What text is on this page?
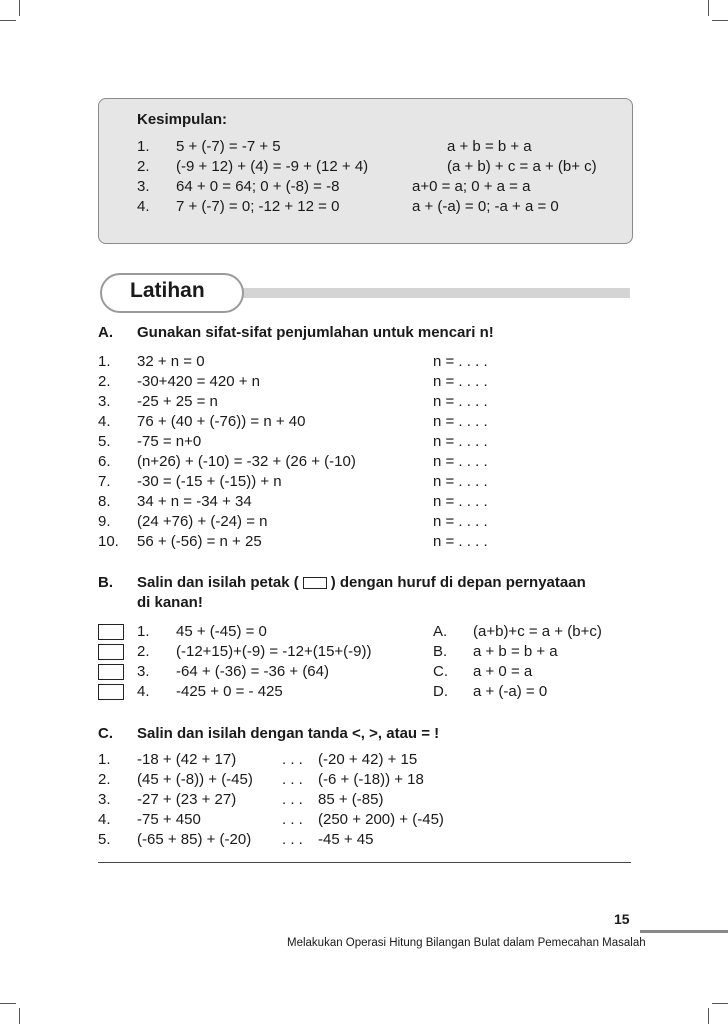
Kesimpulan:
1. 5 + (-7) = -7 + 5	a + b = b + a
2. (-9 + 12) + (4) = -9 + (12 + 4)	(a + b) + c = a + (b+ c)
3. 64 + 0 = 64; 0 + (-8) = -8	a+0 = a; 0 + a = a
4. 7 + (-7) = 0; -12 + 12 = 0	a + (-a) = 0; -a + a = 0
Latihan
A. Gunakan sifat-sifat penjumlahan untuk mencari n!
1. 32 + n = 0	n = . . . .
2. -30+420 = 420 + n	n = . . . .
3. -25 + 25 = n	n = . . . .
4. 76 + (40 + (-76)) = n + 40	n = . . . .
5. -75 = n+0	n = . . . .
6. (n+26) + (-10) = -32 + (26 + (-10)	n = . . . .
7. -30 = (-15 + (-15)) + n	n = . . . .
8. 34 + n = -34 + 34	n = . . . .
9. (24 +76) + (-24) = n	n = . . . .
10. 56 + (-56) = n + 25	n = . . . .
B. Salin dan isilah petak ( ) dengan huruf di depan pernyataan
di kanan!
1. 45 + (-45) = 0	A. (a+b)+c = a + (b+c)
2. (-12+15)+(-9) = -12+(15+(-9))	B. a + b = b + a
3. -64 + (-36) = -36 + (64)	C. a + 0 = a
4. -425 + 0 = - 425	D. a + (-a) = 0
C. Salin dan isilah dengan tanda <, >, atau = !
1. -18 + (42 + 17)	. . . (-20 + 42) + 15
2. (45 + (-8)) + (-45) . . . (-6 + (-18)) + 18
3. -27 + (23 + 27)	. . . 85 + (-85)
4. -75 + 450	. . . (250 + 200) + (-45)
5. (-65 + 85) + (-20) . . . -45 + 45
15
Melakukan Operasi Hitung Bilangan Bulat dalam Pemecahan Masalah
